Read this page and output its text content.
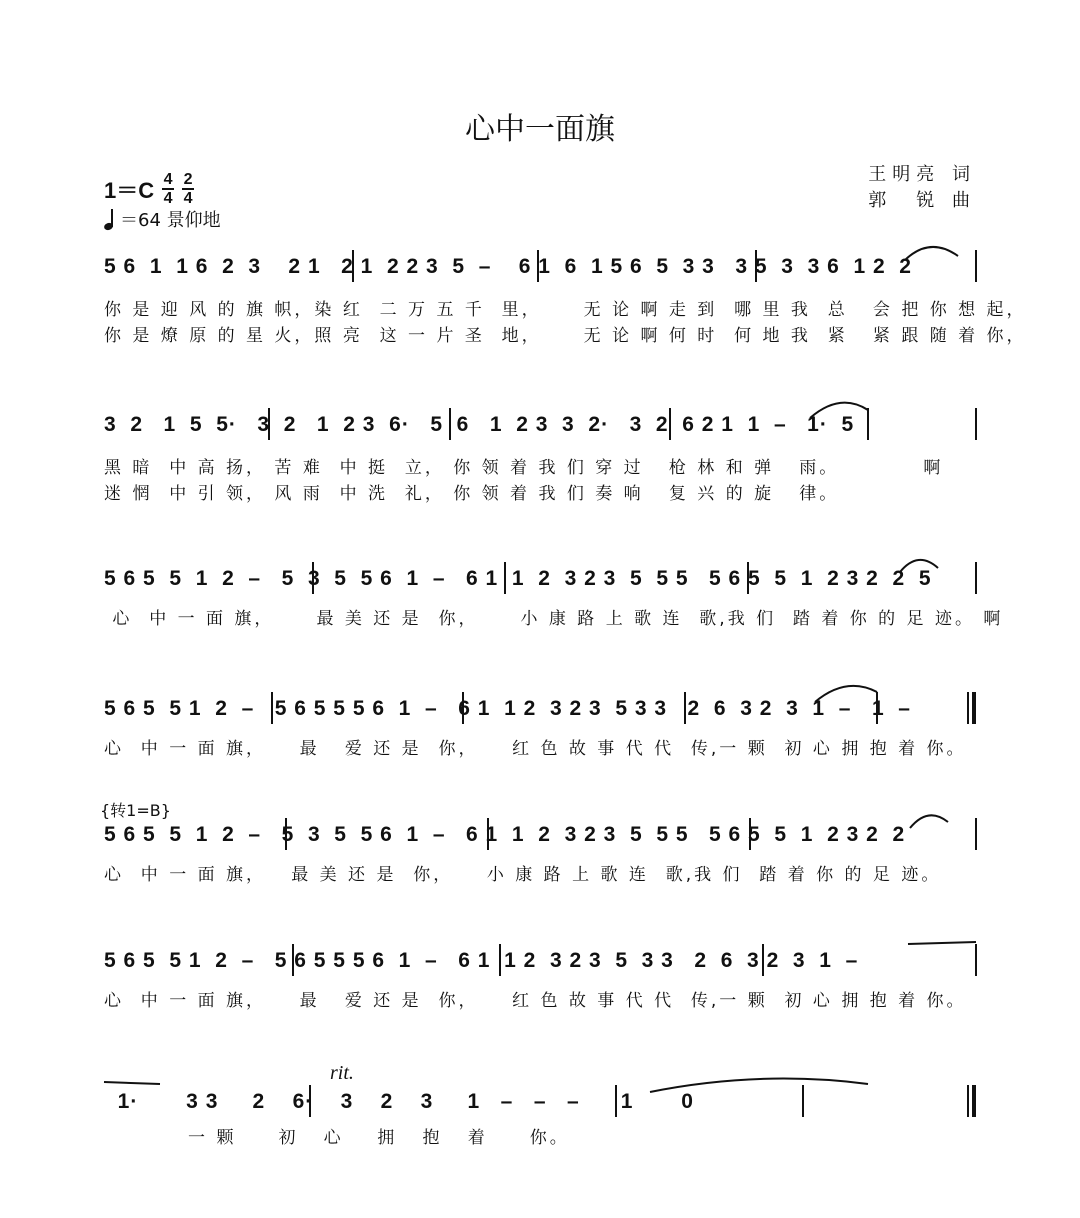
心中一面旗
$1=C \frac{4}{4} \frac{2}{4}$
＝64 景仰地
王明亮 词
郭　锐 曲
5 6  1  1 6  2  3    2 1   2 1  2 2 3  5  –    6 1  6  1 5 6  5  3 3   3 5  3  3 6  1 2  2
你 是 迎 风 的 旗 帜，染 红  二 万 五 千  里，     无 论 啊 走 到  哪 里 我  总   会 把 你 想 起，
你 是 燎 原 的 星 火，照 亮  这 一 片 圣  地，     无 论 啊 何 时  何 地 我  紧   紧 跟 随 着 你，
3  2   1  5  5·   3  2   1  2 3  6·   5  6   1  2 3  3  2·   3  2  6 2 1  1  –   1·  5
黑 暗  中 高 扬， 苦 难  中 挺  立， 你 领 着 我 们 穿 过   枪 林 和 弹   雨。          啊
迷 惘  中 引 领， 风 雨  中 洗  礼， 你 领 着 我 们 奏 响   复 兴 的 旋   律。
5 6 5  5  1  2  –   5  3  5  5 6  1  –   6 1  1  2  3 2 3  5  5 5   5 6 5  5  1  2 3 2  2  5
心  中 一 面 旗，     最 美 还 是  你，     小 康 路 上 歌 连  歌,我 们  踏 着 你 的 足 迹。 啊
5 6 5  5 1  2  –   5 6 5 5 5 6  1  –   6 1  1 2  3 2 3  5 3 3   2  6  3 2  3  1  –   1  –
心  中 一 面 旗，    最   爱 还 是  你，    红 色 故 事 代 代  传,一 颗  初 心 拥 抱 着 你。
{转1=B}
5 6 5  5  1  2  –   5  3  5  5 6  1  –   6 1  1  2  3 2 3  5  5 5   5 6 5  5  1  2 3 2  2
心  中 一 面 旗，   最 美 还 是  你，    小 康 路 上 歌 连  歌,我 们  踏 着 你 的 足 迹。
5 6 5  5 1  2  –   5 6 5 5 5 6  1  –   6 1  1 2  3 2 3  5  3 3   2  6  3 2  3  1  –
心  中 一 面 旗，    最   爱 还 是  你，    红 色 故 事 代 代  传,一 颗  初 心 拥 抱 着 你。
rit.
1·       3 3     2    6·    3    2    3     1   –   –   –      1       0
一 颗     初   心    拥   抱   着     你。
